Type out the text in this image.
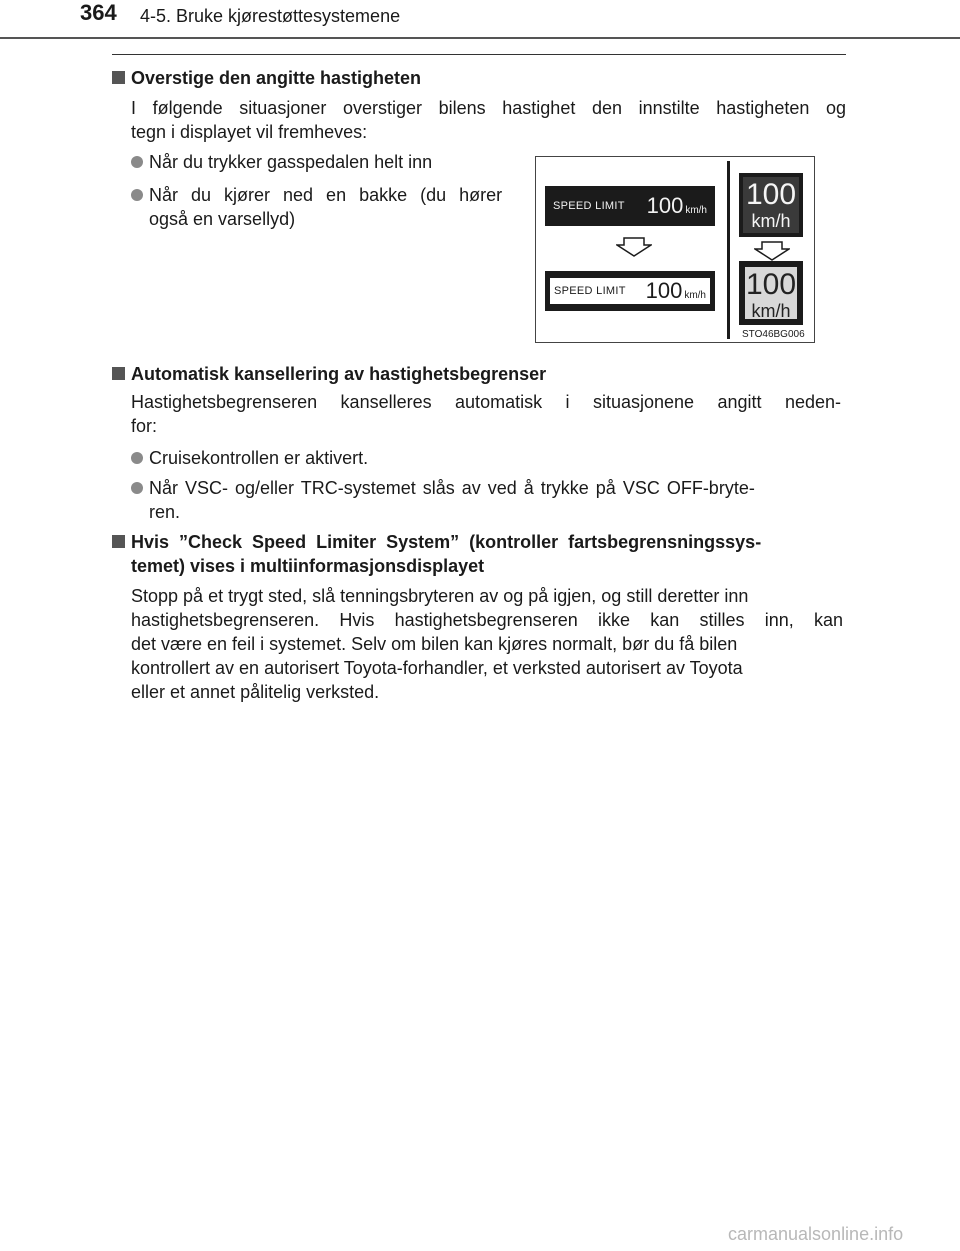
364 4-5. Bruke kjørestøttesystemene
Overstige den angitte hastigheten
I følgende situasjoner overstiger bilens hastighet den innstilte hastigheten og
tegn i displayet vil fremheves:
Når du trykker gasspedalen helt inn
Når du kjører ned en bakke (du hører
også en varsellyd)
SPEED LIMIT 100 km/h
SPEED LIMIT 100 km/h
100
km/h
100
km/h
STO46BG006
Automatisk kansellering av hastighetsbegrenser
Hastighetsbegrenseren kanselleres automatisk i situasjonene angitt neden-
for:
Cruisekontrollen er aktivert.
Når VSC- og/eller TRC-systemet slås av ved å trykke på VSC OFF-bryte-
ren.
Hvis ”Check Speed Limiter System” (kontroller fartsbegrensningssys-
temet) vises i multiinformasjonsdisplayet
Stopp på et trygt sted, slå tenningsbryteren av og på igjen, og still deretter inn
hastighetsbegrenseren. Hvis hastighetsbegrenseren ikke kan stilles inn, kan
det være en feil i systemet. Selv om bilen kan kjøres normalt, bør du få bilen
kontrollert av en autorisert Toyota-forhandler, et verksted autorisert av Toyota
eller et annet pålitelig verksted.
carmanualsonline.info
